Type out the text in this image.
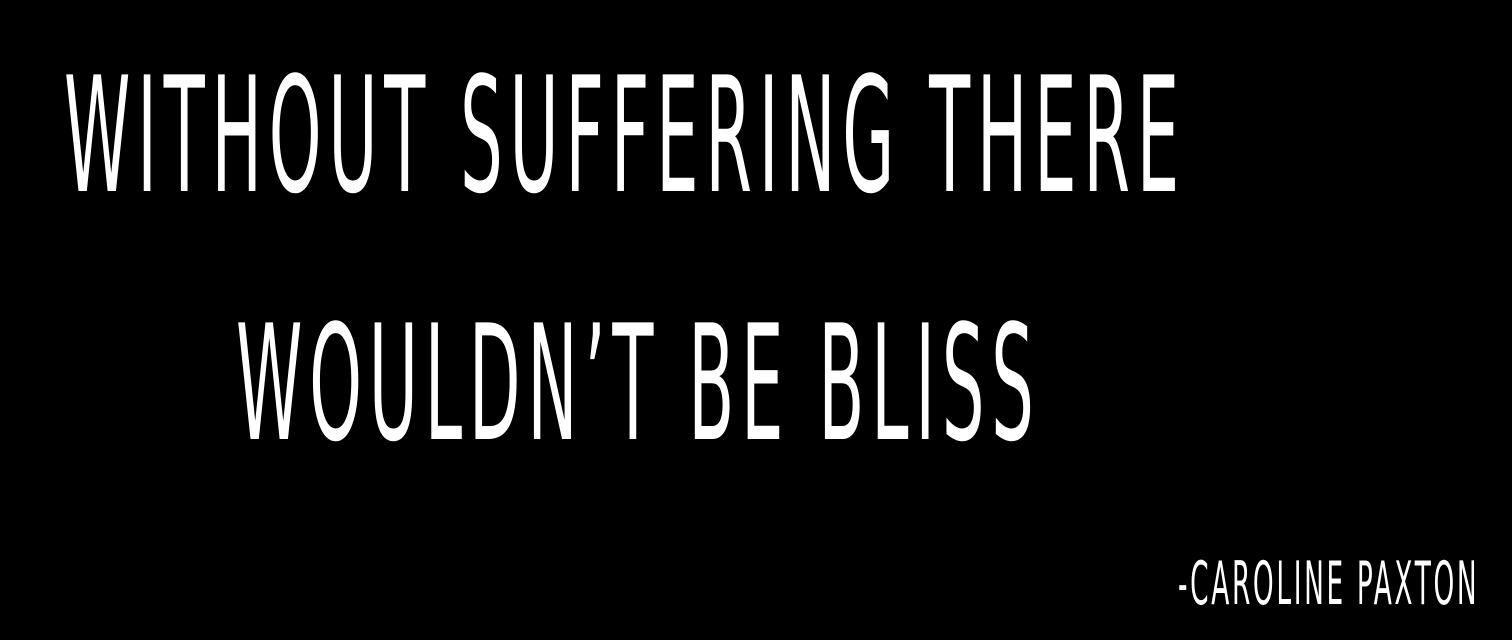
WITHOUT SUFFERING THERE
WOULDN’T BE BLISS
-CAROLINE PAXTON
